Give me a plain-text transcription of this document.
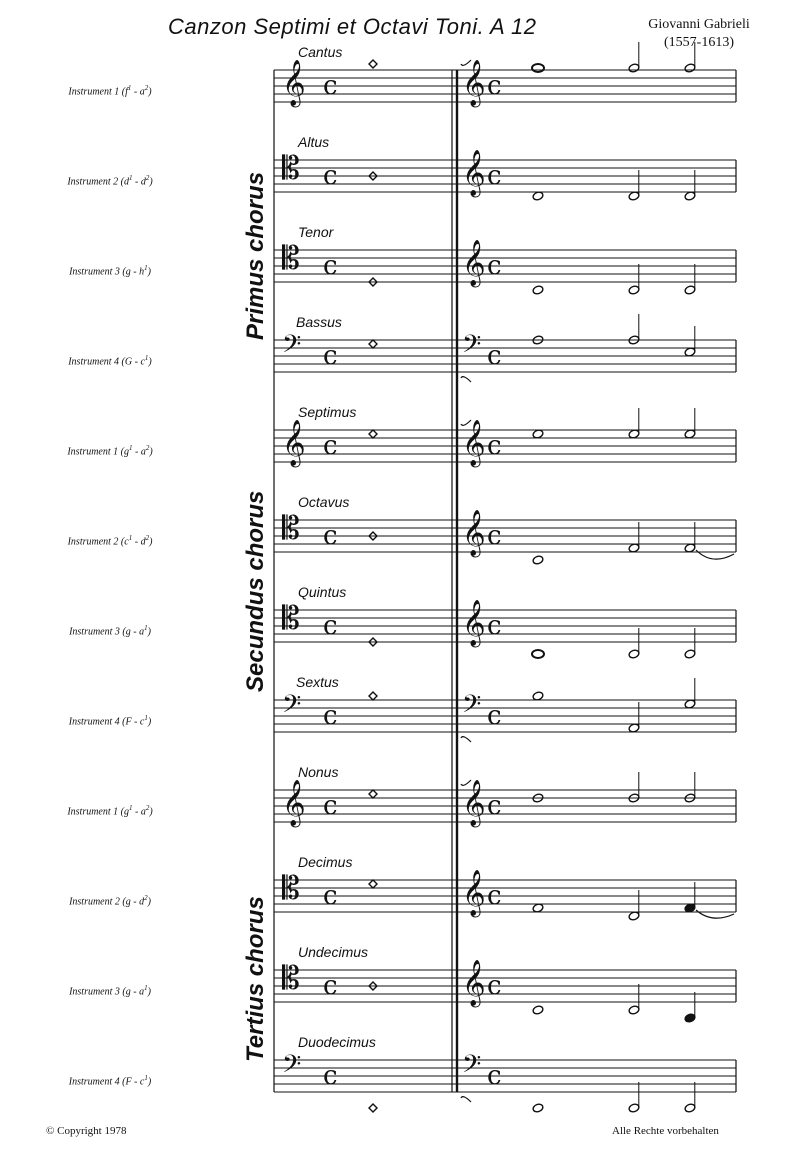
Canzon Septimi et Octavi Toni. A 12	Giovanni Gabrieli
(1557-1613)
𝄞	𝄞
c	c
𝄡	𝄞
c	c
𝄡	𝄞
c	c
𝄢	𝄢
c	c
𝄞	𝄞
c	c
𝄡	𝄞
c	c
𝄡	𝄞
c	c
𝄢	𝄢
c	c
𝄞	𝄞
c	c
𝄡	𝄞
c	c
𝄡	𝄞
c	c
𝄢	𝄢
c	c
Cantus
Instrument 1 $(f^1 - a^2)$
Altus
Instrument 2 $(d^1 - d^2)$
Tenor
Instrument 3 $(g - h^1)$
Bassus
Instrument 4 $(G - c^1)$
Septimus
Instrument 1 $(g^1 - a^2)$
Octavus
Instrument 2 $(c^1 - d^2)$
Quintus
Instrument 3 $(g - a^1)$
Sextus
Instrument 4 $(F - c^1)$
Nonus
Instrument 1 $(g^1 - a^2)$
Decimus
Instrument 2 $(g - d^2)$
Undecimus
Instrument 3 $(g - a^1)$
Duodecimus
Instrument 4 $(F - c^1)$
Primus chorus
Secundus chorus
Tertius chorus
© Copyright 1978	Alle Rechte vorbehalten
